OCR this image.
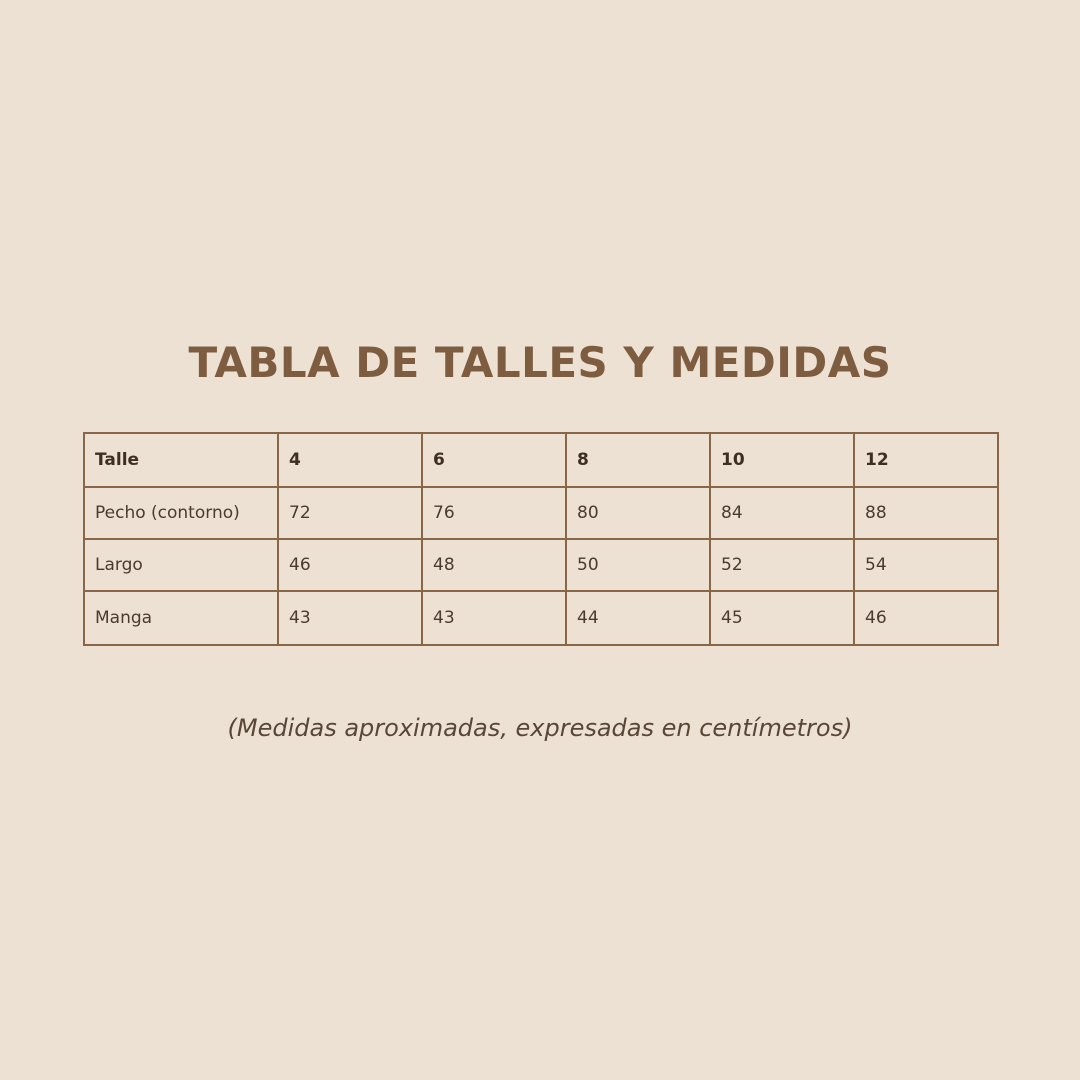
TABLA DE TALLES Y MEDIDAS
Talle	4	6	8	10	12
Pecho (contorno)	72	76	80	84	88
Largo	46	48	50	52	54
Manga	43	43	44	45	46

(Medidas aproximadas, expresadas en centímetros)
